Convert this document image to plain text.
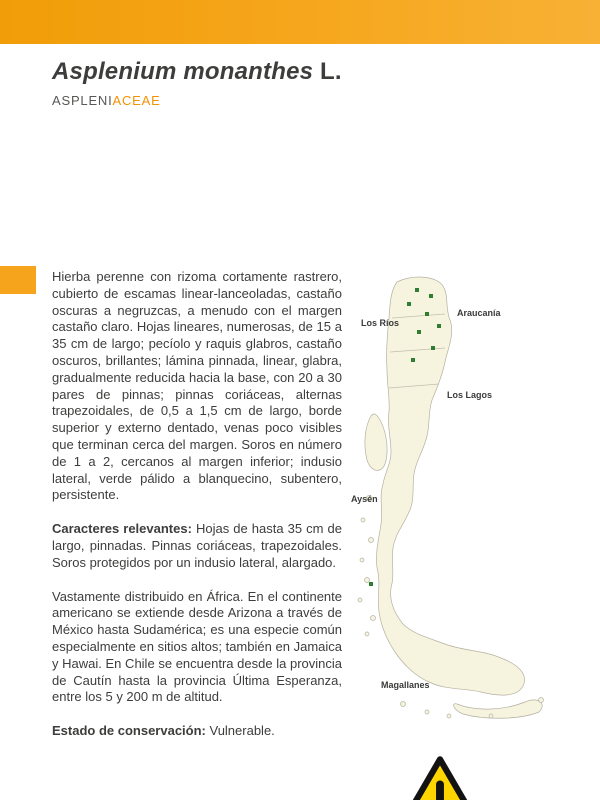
Asplenium monanthes L.
ASPLENIACEAE

Hierba perenne con rizoma cortamente rastrero, cubierto de escamas linear-lanceoladas, castaño oscuras a negruzcas, a menudo con el margen castaño claro. Hojas lineares, numerosas, de 15 a 35 cm de largo; pecíolo y raquis glabros, castaño oscuros, brillantes; lámina pinnada, linear, glabra, gradualmente reducida hacia la base, con 20 a 30 pares de pinnas; pinnas coriáceas, alternas trapezoidales, de 0,5 a 1,5 cm de largo, borde superior y externo dentado, venas poco visibles que terminan cerca del margen. Soros en número de 1 a 2, cercanos al margen inferior; indusio lateral, verde pálido a blanquecino, subentero, persistente.

Caracteres relevantes: Hojas de hasta 35 cm de largo, pinnadas. Pinnas coriáceas, trapezoidales. Soros protegidos por un indusio lateral, alargado.

Vastamente distribuido en África. En el continente americano se extiende desde Arizona a través de México hasta Sudamérica; es una especie común especialmente en sitios altos; también en Jamaica y Hawai. En Chile se encuentra desde la provincia de Cautín hasta la provincia Última Esperanza, entre los 5 y 200 m de altitud.

Estado de conservación: Vulnerable.

Los Ríos
Araucanía
Los Lagos
Aysén
Magallanes
